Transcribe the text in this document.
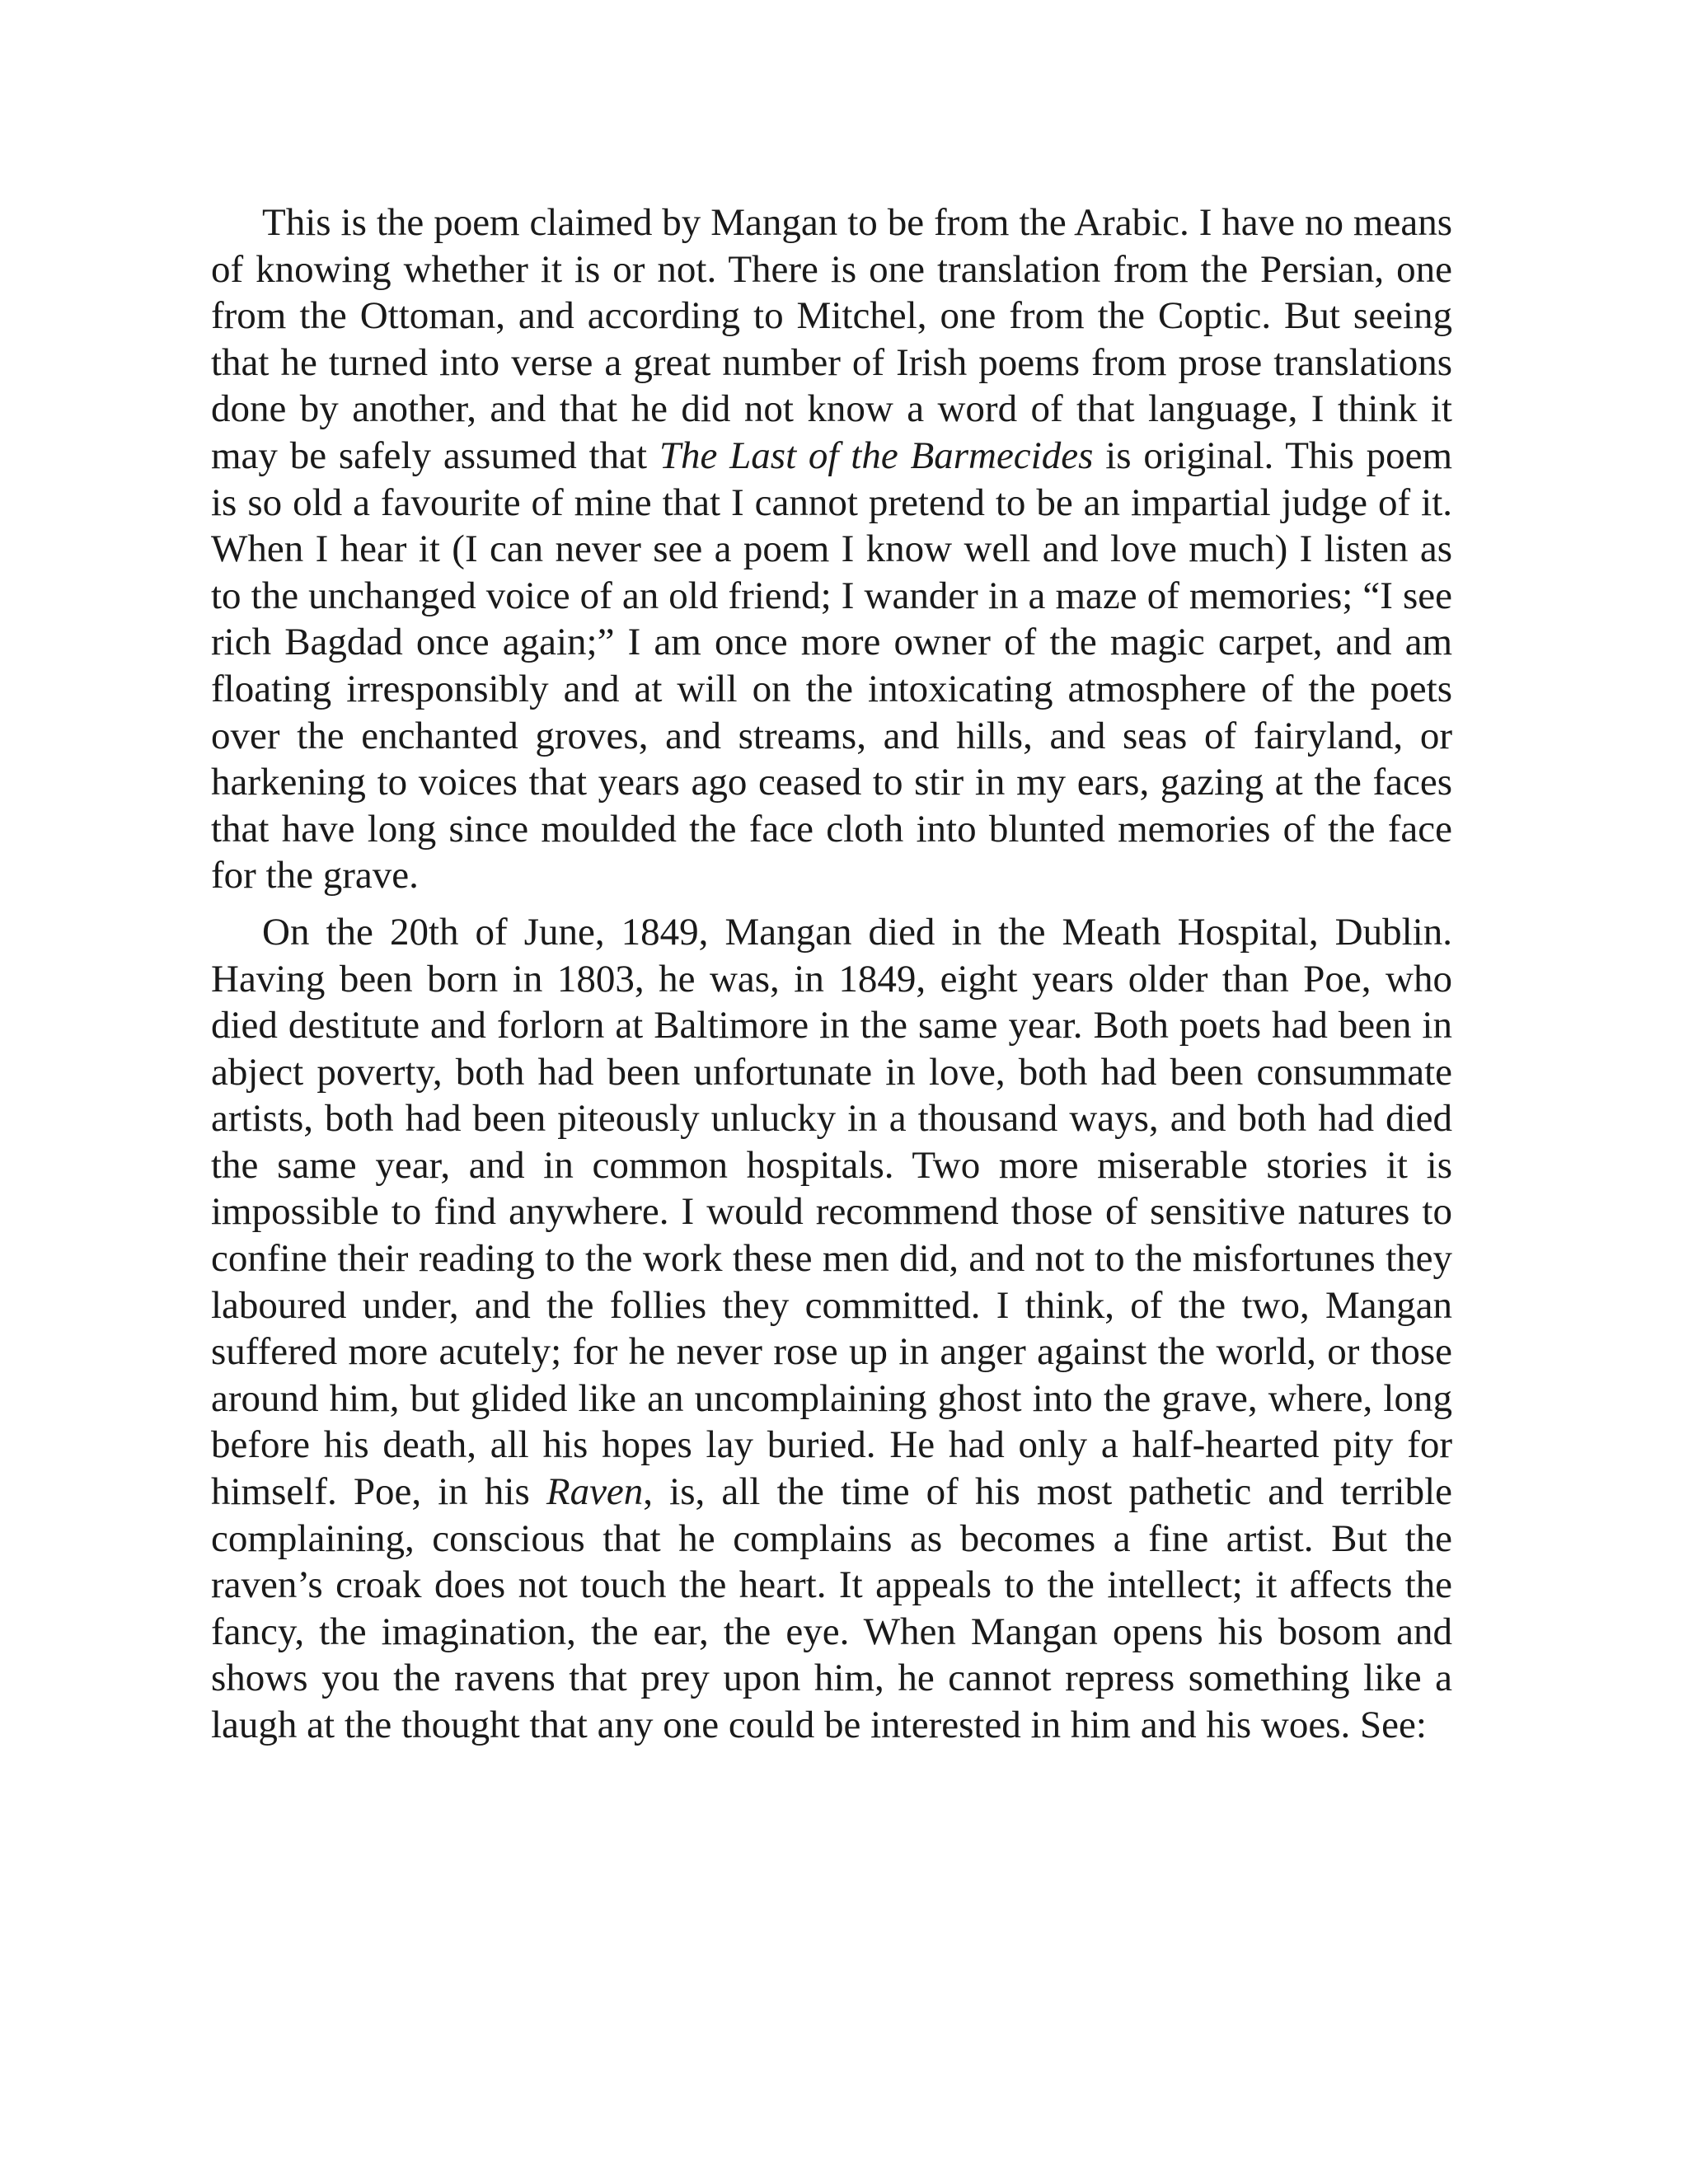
This is the poem claimed by Mangan to be from the Arabic. I have no means of knowing whether it is or not. There is one translation from the Persian, one from the Ottoman, and according to Mitchel, one from the Coptic. But seeing that he turned into verse a great number of Irish poems from prose translations done by another, and that he did not know a word of that language, I think it may be safely assumed that The Last of the Barmecides is original. This poem is so old a favourite of mine that I cannot pretend to be an impartial judge of it. When I hear it (I can never see a poem I know well and love much) I listen as to the unchanged voice of an old friend; I wander in a maze of memories; “I see rich Bagdad once again;” I am once more owner of the magic carpet, and am floating irresponsibly and at will on the intoxicating atmosphere of the poets over the enchanted groves, and streams, and hills, and seas of fairyland, or harkening to voices that years ago ceased to stir in my ears, gazing at the faces that have long since moulded the face cloth into blunted memories of the face for the grave.

On the 20th of June, 1849, Mangan died in the Meath Hospital, Dublin. Having been born in 1803, he was, in 1849, eight years older than Poe, who died destitute and forlorn at Baltimore in the same year. Both poets had been in abject poverty, both had been unfortunate in love, both had been consummate artists, both had been piteously unlucky in a thousand ways, and both had died the same year, and in common hospitals. Two more miserable stories it is impossible to find anywhere. I would recommend those of sensitive natures to confine their reading to the work these men did, and not to the misfortunes they laboured under, and the follies they committed. I think, of the two, Mangan suffered more acutely; for he never rose up in anger against the world, or those around him, but glided like an uncomplaining ghost into the grave, where, long before his death, all his hopes lay buried. He had only a half-hearted pity for himself. Poe, in his Raven, is, all the time of his most pathetic and terrible complaining, conscious that he complains as becomes a fine artist. But the raven’s croak does not touch the heart. It appeals to the intellect; it affects the fancy, the imagination, the ear, the eye. When Mangan opens his bosom and shows you the ravens that prey upon him, he cannot repress something like a laugh at the thought that any one could be interested in him and his woes. See:
